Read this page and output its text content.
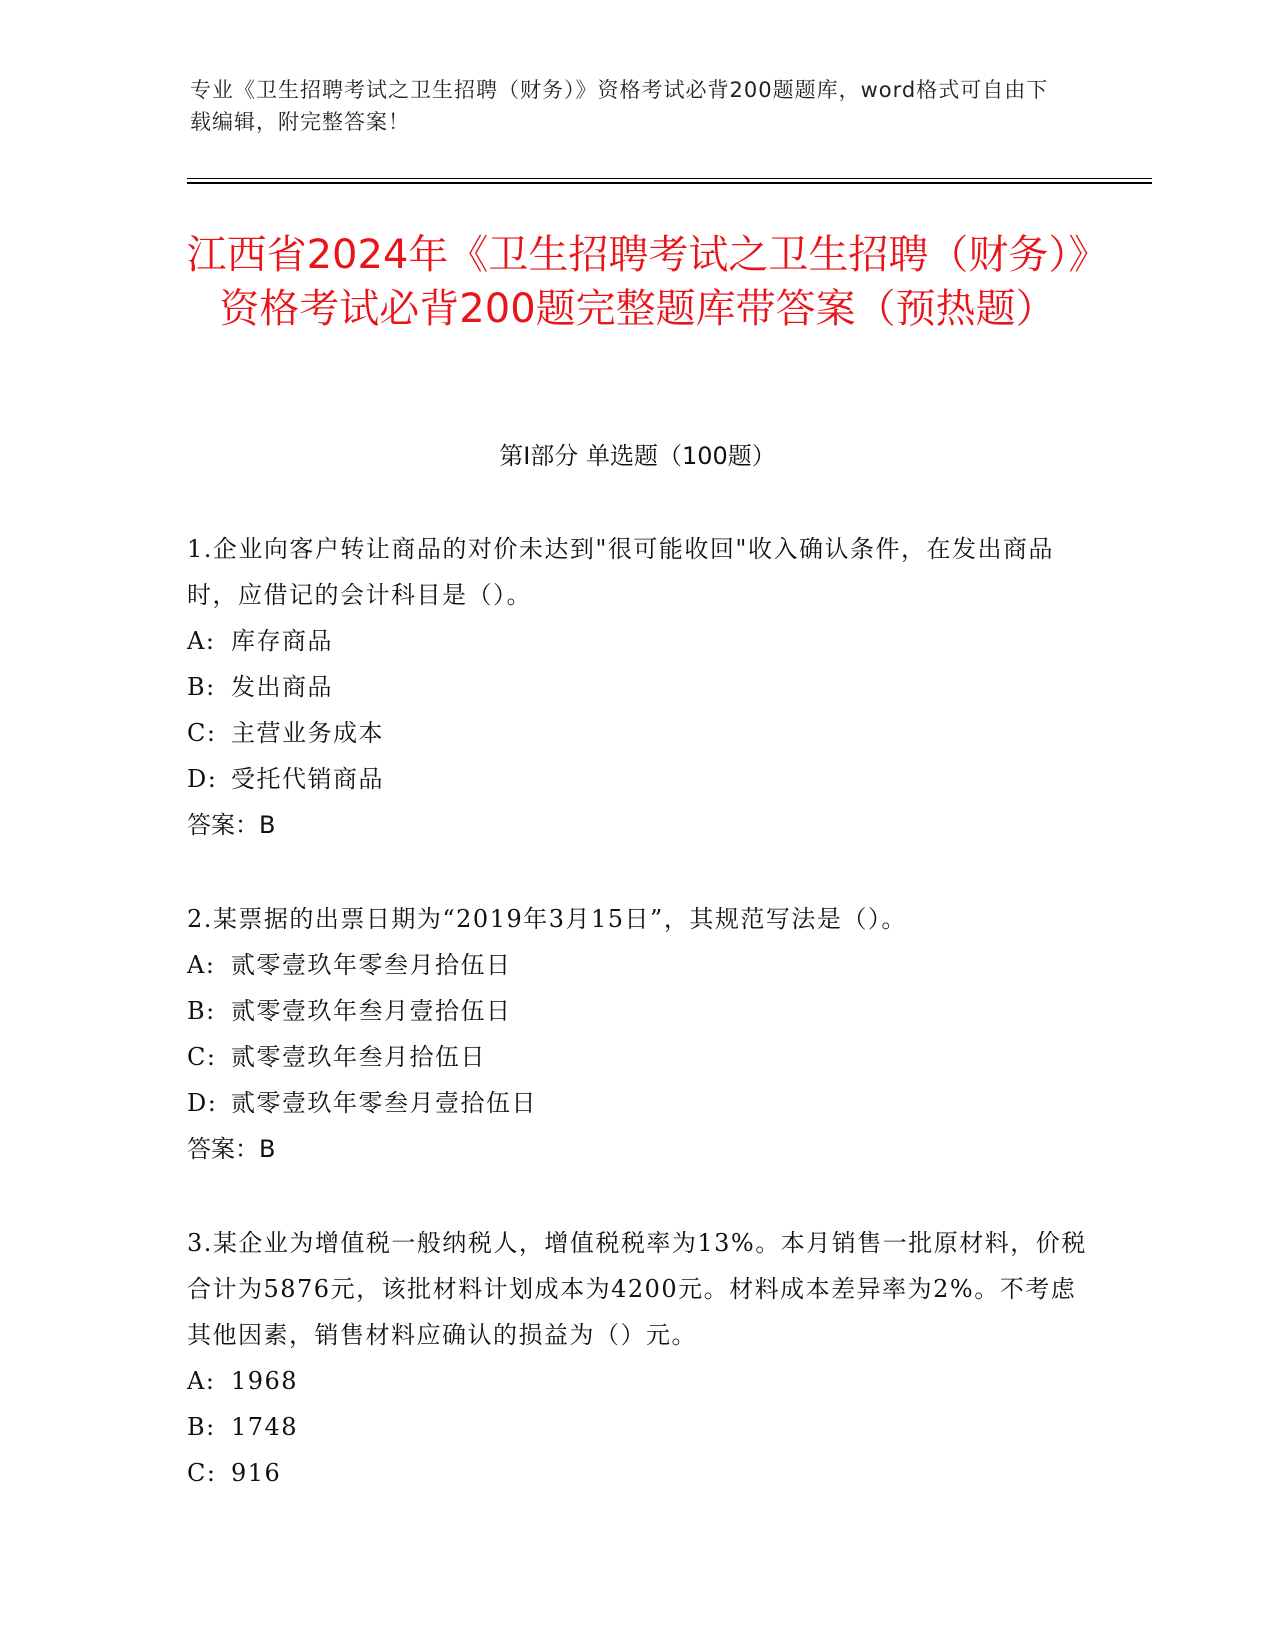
专业《卫生招聘考试之卫生招聘（财务）》资格考试必背200题题库，word格式可自由下载编辑，附完整答案！
江西省2024年《卫生招聘考试之卫生招聘（财务）》资格考试必背200题完整题库带答案（预热题）
第Ⅰ部分 单选题（100题）
1.企业向客户转让商品的对价未达到"很可能收回"收入确认条件，在发出商品时，应借记的会计科目是（）。
A: 库存商品
B: 发出商品
C: 主营业务成本
D: 受托代销商品
答案：B
2.某票据的出票日期为“2019年3月15日”，其规范写法是（）。
A: 贰零壹玖年零叁月拾伍日
B: 贰零壹玖年叁月壹拾伍日
C: 贰零壹玖年叁月拾伍日
D: 贰零壹玖年零叁月壹拾伍日
答案：B
3.某企业为增值税一般纳税人，增值税税率为13%。本月销售一批原材料，价税合计为5876元，该批材料计划成本为4200元。材料成本差异率为2%。不考虑其他因素，销售材料应确认的损益为（）元。
A: 1968
B: 1748
C: 916
